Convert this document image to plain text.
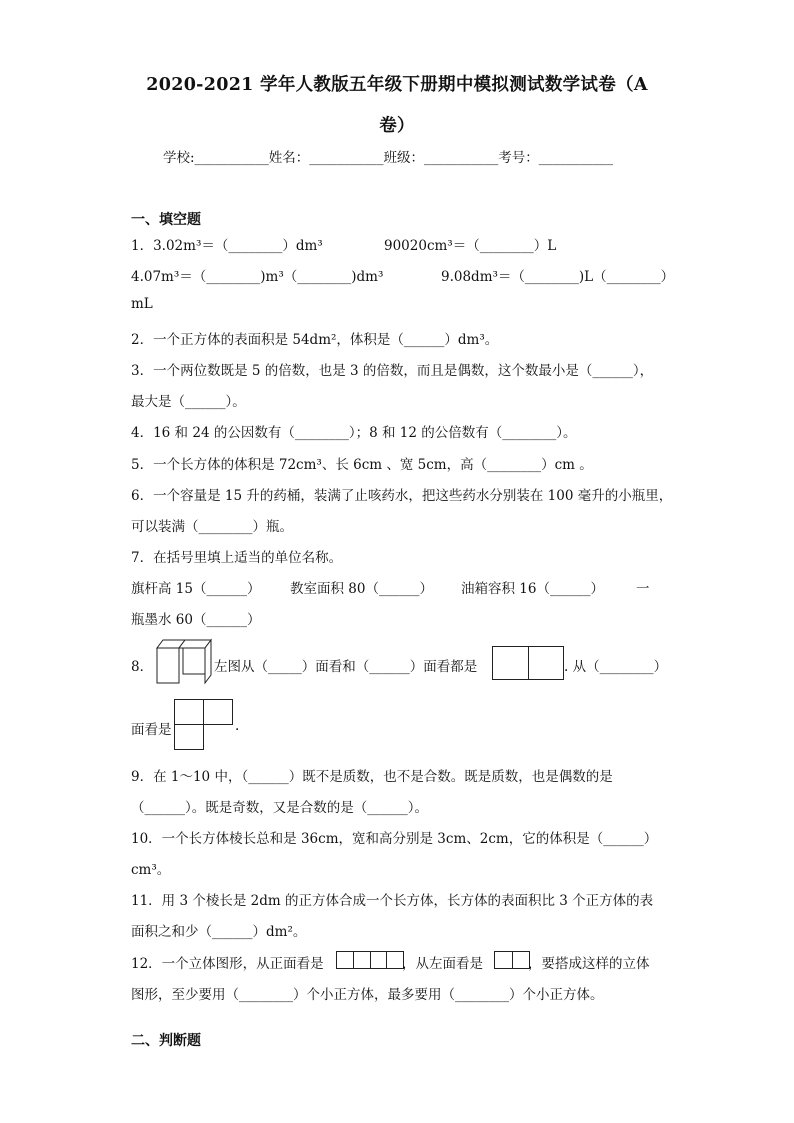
2020-2021 学年人教版五年级下册期中模拟测试数学试卷（A
卷）
学校:___________姓名：___________班级：___________考号：___________
一、填空题
1．3.02m³＝（________）dm³	90020cm³＝（________）L
4.07m³＝（________)m³（________)dm³	9.08dm³＝（________)L（________）
mL
2．一个正方体的表面积是 54dm²，体积是（______）dm³。
3．一个两位数既是 5 的倍数，也是 3 的倍数，而且是偶数，这个数最小是（______），
最大是（______）。
4．16 和 24 的公因数有（________）；8 和 12 的公倍数有（________）。
5．一个长方体的体积是 72cm³、长 6cm 、宽 5cm，高（________）cm 。
6．一个容量是 15 升的药桶，装满了止咳药水，把这些药水分别装在 100 毫升的小瓶里，
可以装满（________）瓶。
7．在括号里填上适当的单位名称。
旗杆高 15（______） 教室面积 80（______） 油箱容积 16（______） 一
瓶墨水 60（______）
8．	左图从（_____）面看和（______）面看都是	. 从（________）
面看是	.
9．在 1～10 中，（______）既不是质数，也不是合数。既是质数，也是偶数的是
（______）。既是奇数，又是合数的是（______）。
10．一个长方体棱长总和是 36cm，宽和高分别是 3cm、2cm，它的体积是（______）
cm³。
11．用 3 个棱长是 2dm 的正方体合成一个长方体，长方体的表面积比 3 个正方体的表
面积之和少（______）dm²。
12．一个立体图形，从正面看是	，从左面看是	，要搭成这样的立体
图形，至少要用（________）个小正方体，最多要用（________）个小正方体。
二、判断题
